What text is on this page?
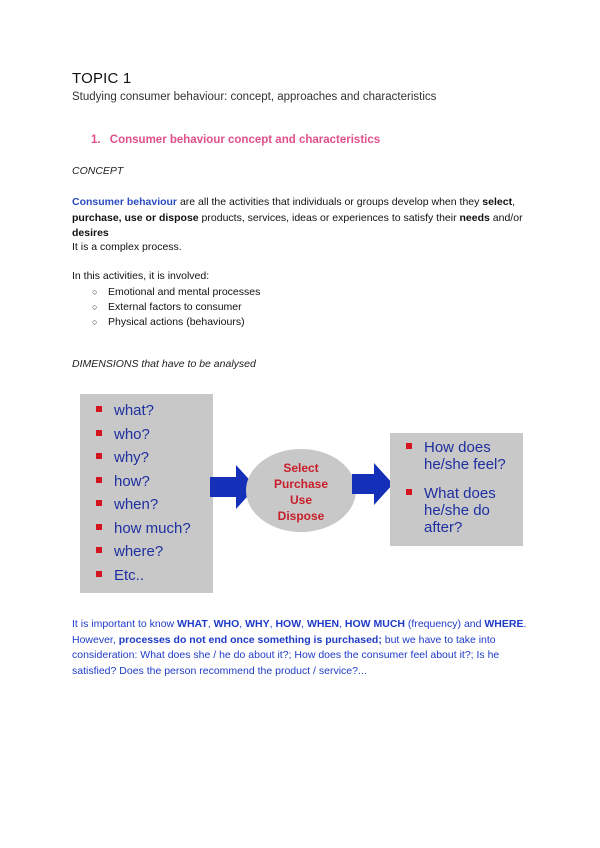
TOPIC 1
Studying consumer behaviour: concept, approaches and characteristics
1. Consumer behaviour concept and characteristics
CONCEPT
Consumer behaviour are all the activities that individuals or groups develop when they select, purchase, use or dispose products, services, ideas or experiences to satisfy their needs and/or desires
It is a complex process.
In this activities, it is involved:
○ Emotional and mental processes
○ External factors to consumer
○ Physical actions (behaviours)
DIMENSIONS that have to be analysed
what?
who?
why?
how?
when?
how much?
where?
Etc..
Select
Purchase
Use
Dispose
How does he/she feel?
What does he/she do after?
It is important to know WHAT, WHO, WHY, HOW, WHEN, HOW MUCH (frequency) and WHERE.
However, processes do not end once something is purchased; but we have to take into consideration: What does she / he do about it?; How does the consumer feel about it?; Is he satisfied? Does the person recommend the product / service?...
